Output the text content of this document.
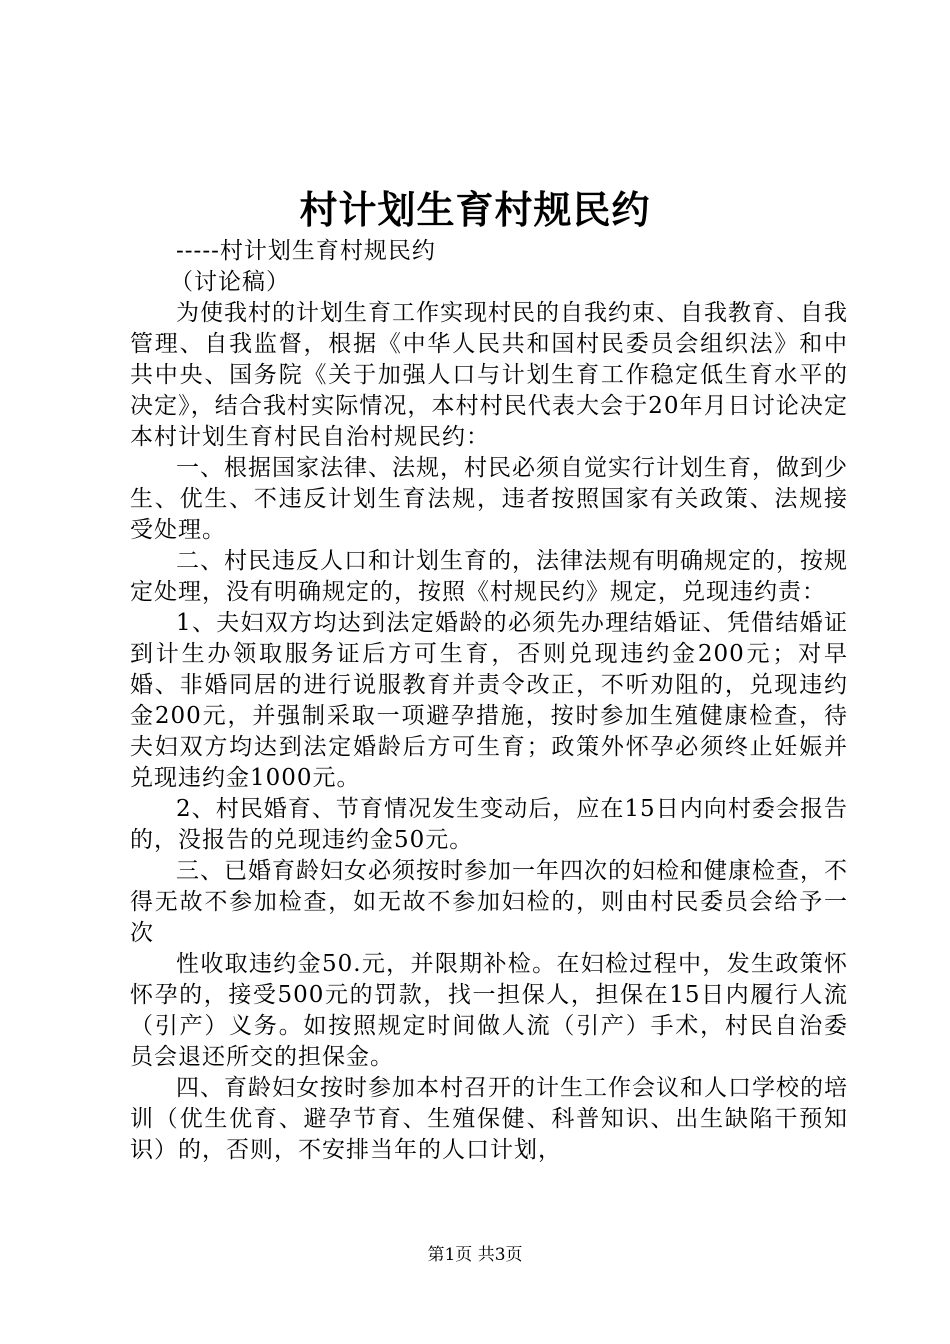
村计划生育村规民约

-----村计划生育村规民约

（讨论稿）

为使我村的计划生育工作实现村民的自我约束、自我教育、自我管理、自我监督，根据《中华人民共和国村民委员会组织法》和中共中央、国务院《关于加强人口与计划生育工作稳定低生育水平的决定》，结合我村实际情况，本村村民代表大会于20年月日讨论决定本村计划生育村民自治村规民约：

一、根据国家法律、法规，村民必须自觉实行计划生育，做到少生、优生、不违反计划生育法规，违者按照国家有关政策、法规接受处理。

二、村民违反人口和计划生育的，法律法规有明确规定的，按规定处理，没有明确规定的，按照《村规民约》规定，兑现违约责：

1、夫妇双方均达到法定婚龄的必须先办理结婚证、凭借结婚证到计生办领取服务证后方可生育，否则兑现违约金200元；对早婚、非婚同居的进行说服教育并责令改正，不听劝阻的，兑现违约金200元，并强制采取一项避孕措施，按时参加生殖健康检查，待夫妇双方均达到法定婚龄后方可生育；政策外怀孕必须终止妊娠并兑现违约金1000元。

2、村民婚育、节育情况发生变动后，应在15日内向村委会报告的，没报告的兑现违约金50元。

三、已婚育龄妇女必须按时参加一年四次的妇检和健康检查，不得无故不参加检查，如无故不参加妇检的，则由村民委员会给予一次

性收取违约金50.元，并限期补检。在妇检过程中，发生政策怀怀孕的，接受500元的罚款，找一担保人，担保在15日内履行人流（引产）义务。如按照规定时间做人流（引产）手术，村民自治委员会退还所交的担保金。

四、育龄妇女按时参加本村召开的计生工作会议和人口学校的培训（优生优育、避孕节育、生殖保健、科普知识、出生缺陷干预知识）的，否则，不安排当年的人口计划，

第1页 共3页
